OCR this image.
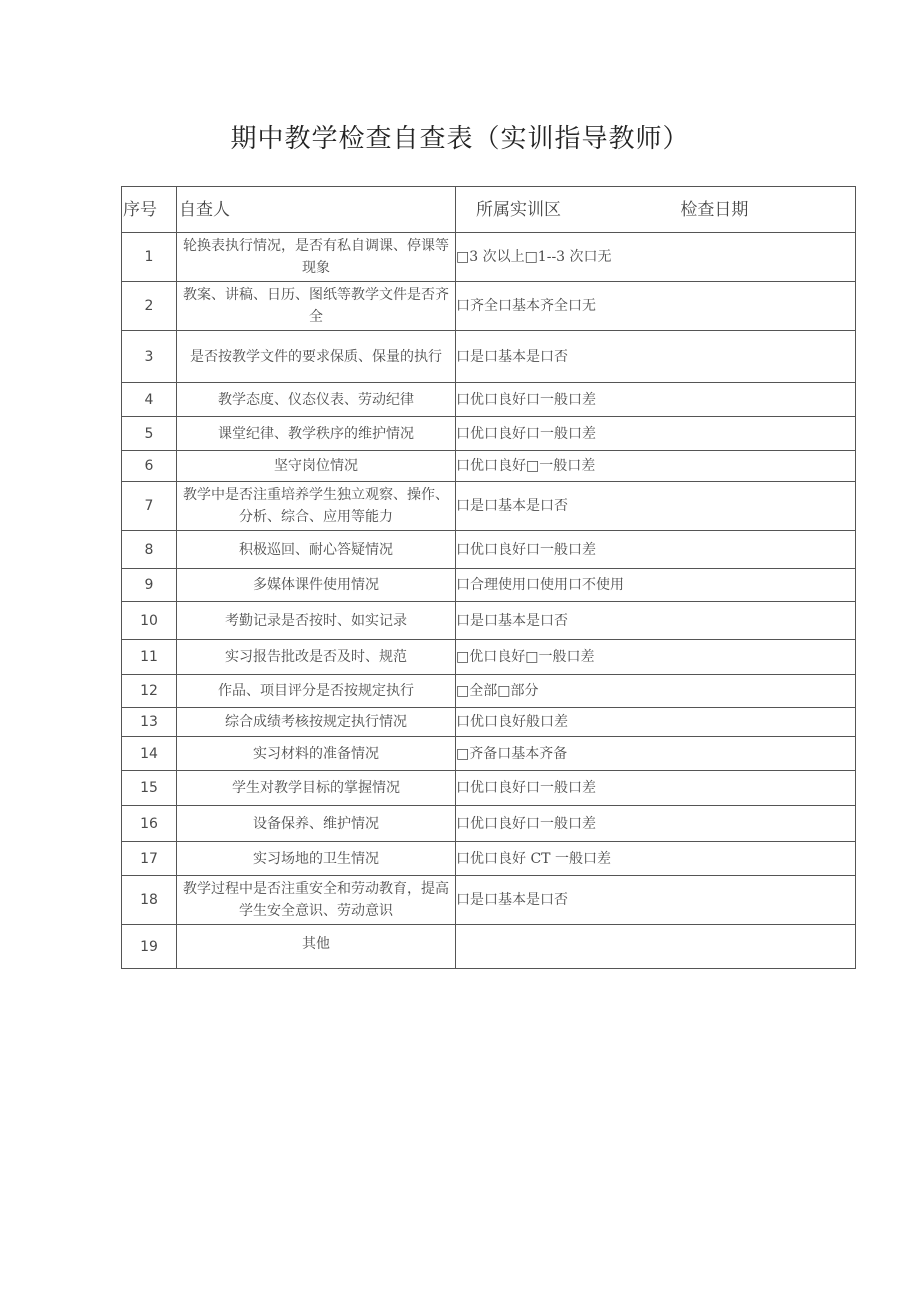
期中教学检查自查表（实训指导教师）
序号	自查人	所属实训区 检查日期
1	轮换表执行情况，是否有私自调课、停课等现象	□3 次以上□1--3 次口无
2	教案、讲稿、日历、图纸等教学文件是否齐全	口齐全口基本齐全口无
3	是否按教学文件的要求保质、保量的执行	口是口基本是口否
4	教学态度、仪态仪表、劳动纪律	口优口良好口一般口差
5	课堂纪律、教学秩序的维护情况	口优口良好口一般口差
6	坚守岗位情况	口优口良好□一般口差
7	教学中是否注重培养学生独立观察、操作、分析、综合、应用等能力	口是口基本是口否
8	积极巡回、耐心答疑情况	口优口良好口一般口差
9	多媒体课件使用情况	口合理使用口使用口不使用
10	考勤记录是否按时、如实记录	口是口基本是口否
11	实习报告批改是否及时、规范	□优口良好□一般口差
12	作品、项目评分是否按规定执行	□全部□部分
13	综合成绩考核按规定执行情况	口优口良好般口差
14	实习材料的准备情况	□齐备口基本齐备
15	学生对教学目标的掌握情况	口优口良好口一般口差
16	设备保养、维护情况	口优口良好口一般口差
17	实习场地的卫生情况	口优口良好 CT 一般口差
18	教学过程中是否注重安全和劳动教育，提高学生安全意识、劳动意识	口是口基本是口否
19	其他	
